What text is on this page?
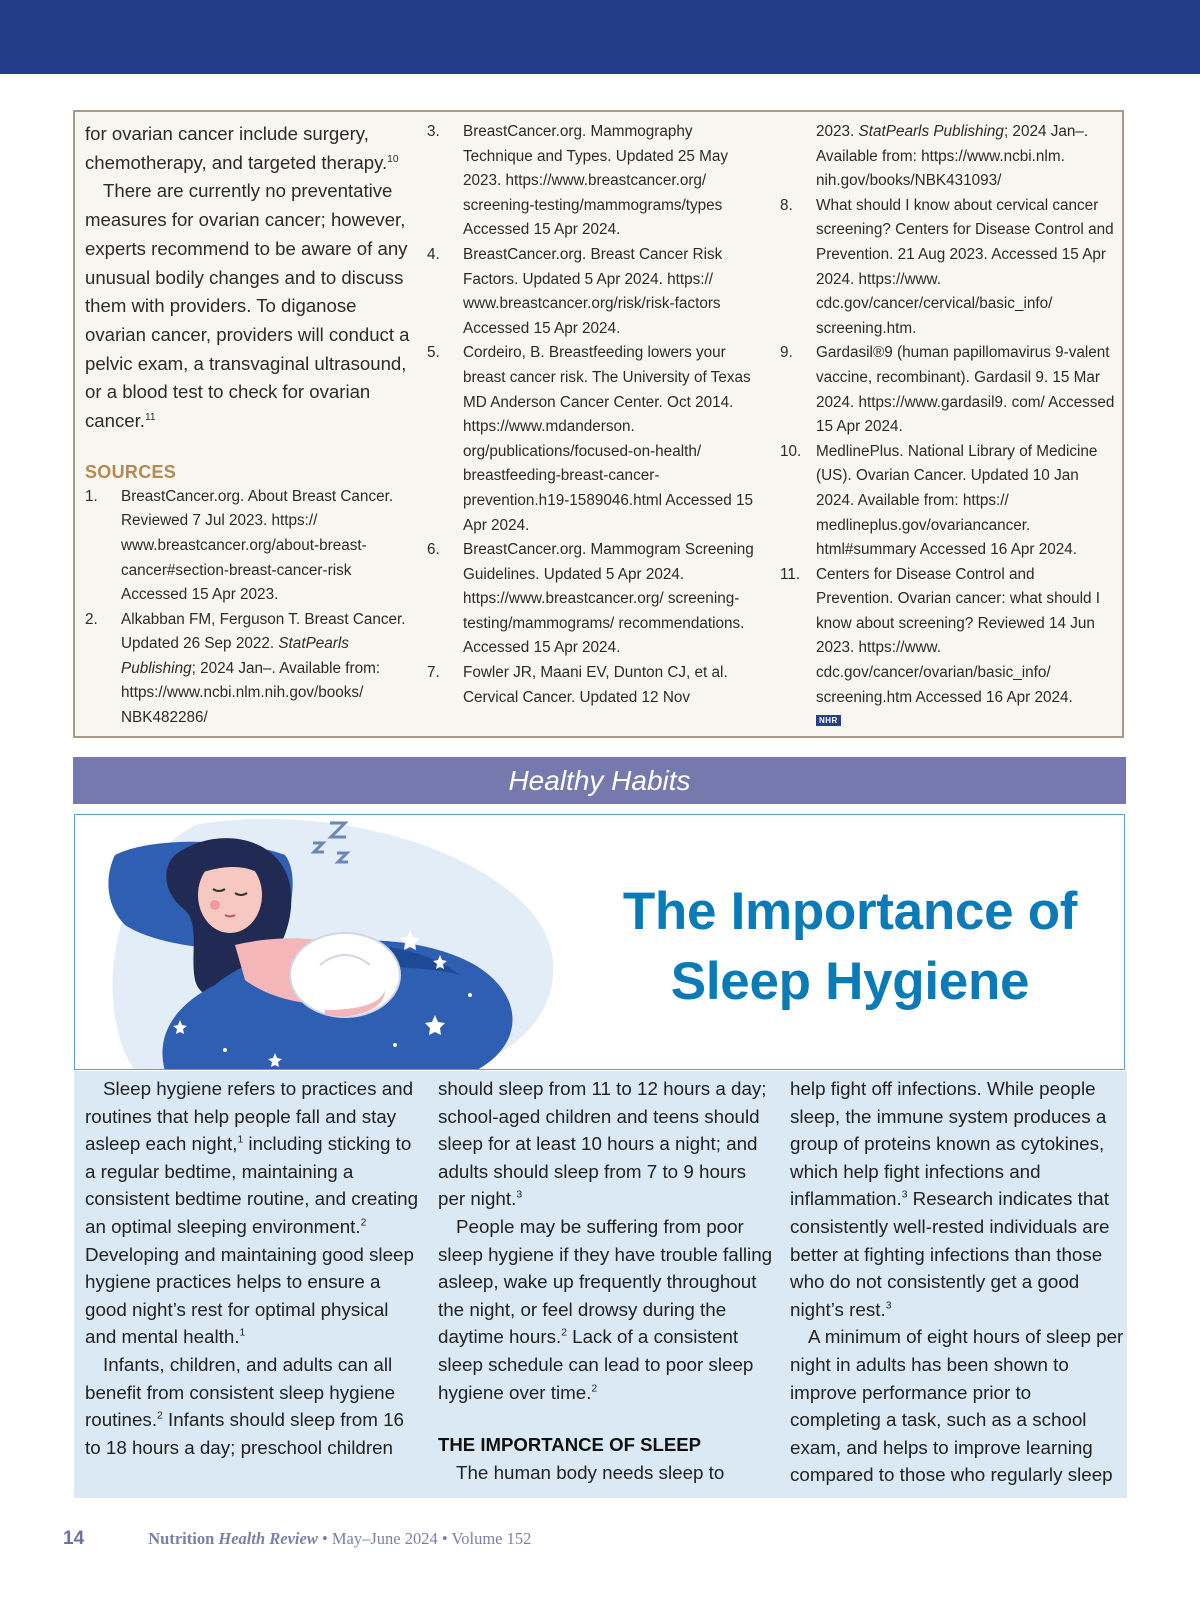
for ovarian cancer include surgery, chemotherapy, and targeted therapy.$^{10}$

There are currently no preventative measures for ovarian cancer; however, experts recommend to be aware of any unusual bodily changes and to discuss them with providers. To diganose ovarian cancer, providers will conduct a pelvic exam, a transvaginal ultrasound, or a blood test to check for ovarian cancer.$^{11}$

SOURCES
1.	BreastCancer.org. About Breast Cancer. Reviewed 7 Jul 2023. https:// www.breastcancer.org/about-breast-cancer#section-breast-cancer-risk Accessed 15 Apr 2023.
2.	Alkabban FM, Ferguson T. Breast Cancer. Updated 26 Sep 2022. StatPearls Publishing; 2024 Jan–. Available from: https://www.ncbi.nlm.nih.gov/books/ NBK482286/
3.	BreastCancer.org. Mammography Technique and Types. Updated 25 May 2023. https://www.breastcancer.org/ screening-testing/mammograms/types Accessed 15 Apr 2024.
4.	BreastCancer.org. Breast Cancer Risk Factors. Updated 5 Apr 2024. https:// www.breastcancer.org/risk/risk-factors Accessed 15 Apr 2024.
5.	Cordeiro, B. Breastfeeding lowers your breast cancer risk. The University of Texas MD Anderson Cancer Center. Oct 2014. https://www.mdanderson. org/publications/focused-on-health/ breastfeeding-breast-cancer-prevention.h19-1589046.html Accessed 15 Apr 2024.
6.	BreastCancer.org. Mammogram Screening Guidelines. Updated 5 Apr 2024. https://www.breastcancer.org/ screening-testing/mammograms/ recommendations. Accessed 15 Apr 2024.
7.	Fowler JR, Maani EV, Dunton CJ, et al. Cervical Cancer. Updated 12 Nov
2023. StatPearls Publishing; 2024 Jan–. Available from: https://www.ncbi.nlm. nih.gov/books/NBK431093/
8.	What should I know about cervical cancer screening? Centers for Disease Control and Prevention. 21 Aug 2023. Accessed 15 Apr 2024. https://www. cdc.gov/cancer/cervical/basic_info/ screening.htm.
9.	Gardasil®9 (human papillomavirus 9-valent vaccine, recombinant). Gardasil 9. 15 Mar 2024. https://www.gardasil9. com/ Accessed 15 Apr 2024.
10. MedlinePlus. National Library of Medicine (US). Ovarian Cancer. Updated 10 Jan 2024. Available from: https:// medlineplus.gov/ovariancancer. html#summary Accessed 16 Apr 2024.
11.	Centers for Disease Control and Prevention. Ovarian cancer: what should I know about screening? Reviewed 14 Jun 2023. https://www. cdc.gov/cancer/ovarian/basic_info/ screening.htm Accessed 16 Apr 2024.
NHR
Healthy Habits
The Importance of
Sleep Hygiene

Sleep hygiene refers to practices and routines that help people fall and stay asleep each night,$^1$ including sticking to a regular bedtime, maintaining a consistent bedtime routine, and creating an optimal sleeping environment.$^2$ Developing and maintaining good sleep hygiene practices helps to ensure a good night’s rest for optimal physical and mental health.$^1$

Infants, children, and adults can all benefit from consistent sleep hygiene routines.$^2$ Infants should sleep from 16 to 18 hours a day; preschool children

should sleep from 11 to 12 hours a day; school-aged children and teens should sleep for at least 10 hours a night; and adults should sleep from 7 to 9 hours per night.$^3$

People may be suffering from poor sleep hygiene if they have trouble falling asleep, wake up frequently throughout the night, or feel drowsy during the daytime hours.$^2$ Lack of a consistent sleep schedule can lead to poor sleep hygiene over time.$^2$

THE IMPORTANCE OF SLEEP

The human body needs sleep to

help fight off infections. While people sleep, the immune system produces a group of proteins known as cytokines, which help fight infections and inflammation.$^3$ Research indicates that consistently well-rested individuals are better at fighting infections than those who do not consistently get a good night’s rest.$^3$

A minimum of eight hours of sleep per night in adults has been shown to improve performance prior to completing a task, such as a school exam, and helps to improve learning compared to those who regularly sleep

14	Nutrition Health Review • May–June 2024 • Volume 152
